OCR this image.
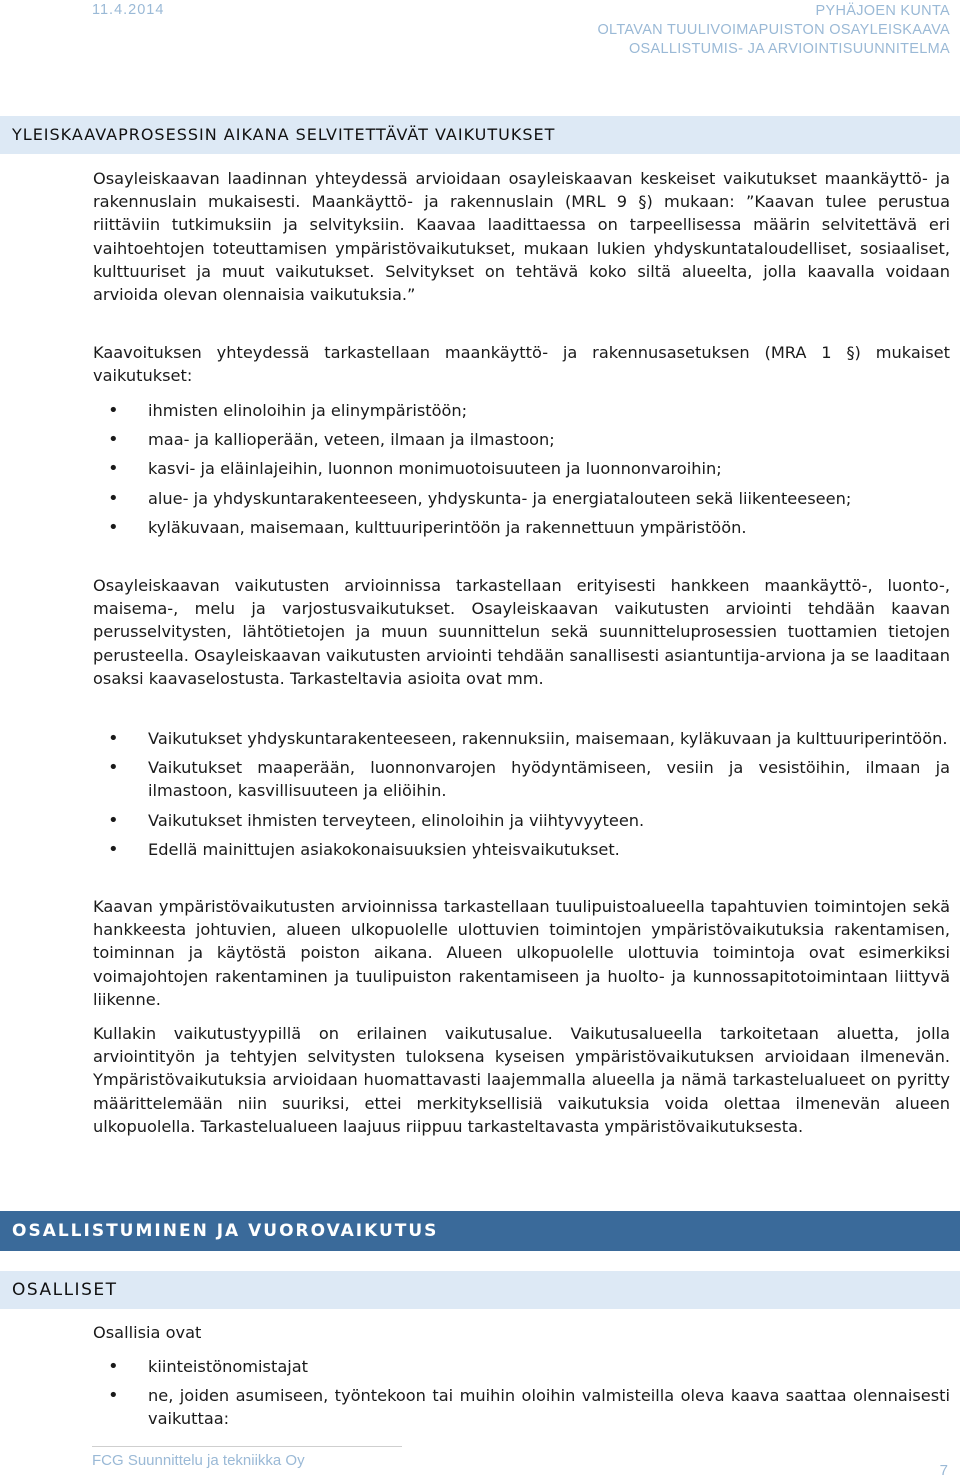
11.4.2014	PYHÄJOEN KUNTA
OLTAVAN TUULIVOIMAPUISTON OSAYLEISKAAVA
OSALLISTUMIS- JA ARVIOINTISUUNNITELMA
YLEISKAAVAPROSESSIN AIKANA SELVITETTÄVÄT VAIKUTUKSET

Osayleiskaavan laadinnan yhteydessä arvioidaan osayleiskaavan keskeiset vaikutukset maankäyttö- ja rakennuslain mukaisesti. Maankäyttö- ja rakennuslain (MRL 9 §) mukaan: ”Kaavan tulee perustua riittäviin tutkimuksiin ja selvityksiin. Kaavaa laadittaessa on tarpeellisessa määrin selvitettävä eri vaihtoehtojen toteuttamisen ympäristövaikutukset, mukaan lukien yhdyskuntataloudelliset, sosiaaliset, kulttuuriset ja muut vaikutukset. Selvitykset on tehtävä koko siltä alueelta, jolla kaavalla voidaan arvioida olevan olennaisia vaikutuksia.”

Kaavoituksen yhteydessä tarkastellaan maankäyttö- ja rakennusasetuksen (MRA 1 §) mukaiset vaikutukset:

• ihmisten elinoloihin ja elinympäristöön;
• maa- ja kallioperään, veteen, ilmaan ja ilmastoon;
• kasvi- ja eläinlajeihin, luonnon monimuotoisuuteen ja luonnonvaroihin;
• alue- ja yhdyskuntarakenteeseen, yhdyskunta- ja energiatalouteen sekä liikenteeseen;
• kyläkuvaan, maisemaan, kulttuuriperintöön ja rakennettuun ympäristöön.

Osayleiskaavan vaikutusten arvioinnissa tarkastellaan erityisesti hankkeen maankäyttö-, luonto-, maisema-, melu ja varjostusvaikutukset. Osayleiskaavan vaikutusten arviointi tehdään kaavan perusselvitysten, lähtötietojen ja muun suunnittelun sekä suunnitteluprosessien tuottamien tietojen perusteella. Osayleiskaavan vaikutusten arviointi tehdään sanallisesti asiantuntija-arviona ja se laaditaan osaksi kaavaselostusta. Tarkasteltavia asioita ovat mm.

• Vaikutukset yhdyskuntarakenteeseen, rakennuksiin, maisemaan, kyläkuvaan ja kulttuuriperintöön.
• Vaikutukset maaperään, luonnonvarojen hyödyntämiseen, vesiin ja vesistöihin, ilmaan ja ilmastoon, kasvillisuuteen ja eliöihin.
• Vaikutukset ihmisten terveyteen, elinoloihin ja viihtyvyyteen.
• Edellä mainittujen asiakokonaisuuksien yhteisvaikutukset.

Kaavan ympäristövaikutusten arvioinnissa tarkastellaan tuulipuistoalueella tapahtuvien toimintojen sekä hankkeesta johtuvien, alueen ulkopuolelle ulottuvien toimintojen ympäristövaikutuksia rakentamisen, toiminnan ja käytöstä poiston aikana. Alueen ulkopuolelle ulottuvia toimintoja ovat esimerkiksi voimajohtojen rakentaminen ja tuulipuiston rakentamiseen ja huolto- ja kunnossapitotoimintaan liittyvä liikenne.

Kullakin vaikutustyypillä on erilainen vaikutusalue. Vaikutusalueella tarkoitetaan aluetta, jolla arviointityön ja tehtyjen selvitysten tuloksena kyseisen ympäristövaikutuksen arvioidaan ilmenevän. Ympäristövaikutuksia arvioidaan huomattavasti laajemmalla alueella ja nämä tarkastelualueet on pyritty määrittelemään niin suuriksi, ettei merkityksellisiä vaikutuksia voida olettaa ilmenevän alueen ulkopuolella. Tarkastelualueen laajuus riippuu tarkasteltavasta ympäristövaikutuksesta.

OSALLISTUMINEN JA VUOROVAIKUTUS
OSALLISET

Osallisia ovat

• kiinteistönomistajat
• ne, joiden asumiseen, työntekoon tai muihin oloihin valmisteilla oleva kaava saattaa olennaisesti vaikuttaa:
FCG Suunnittelu ja tekniikka Oy
7
